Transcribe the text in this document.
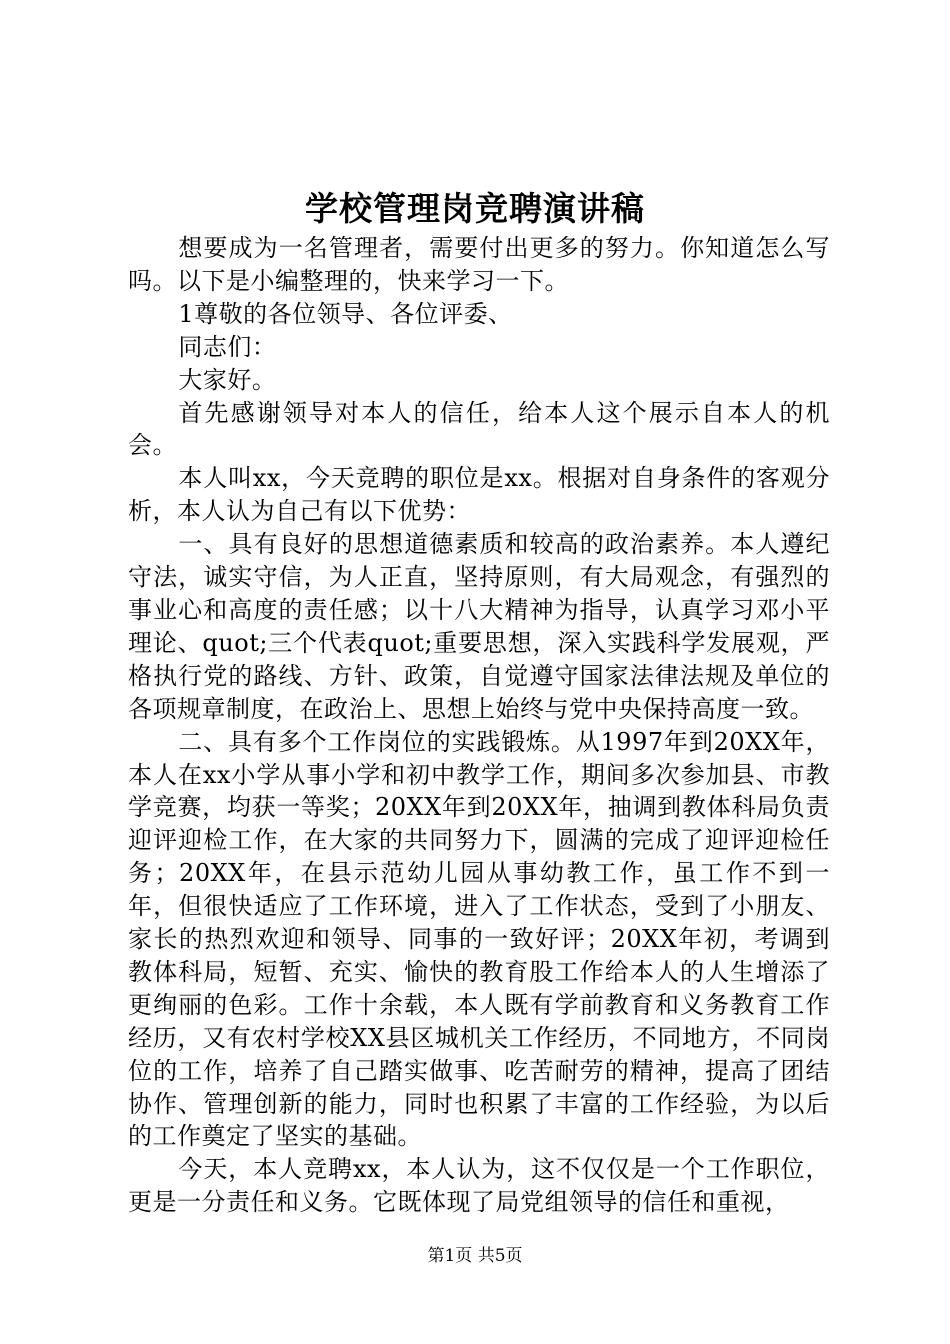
学校管理岗竞聘演讲稿

想要成为一名管理者，需要付出更多的努力。你知道怎么写吗。以下是小编整理的，快来学习一下。

1尊敬的各位领导、各位评委、

同志们：

大家好。

首先感谢领导对本人的信任，给本人这个展示自本人的机会。

本人叫xx，今天竞聘的职位是xx。根据对自身条件的客观分析，本人认为自己有以下优势：

一、具有良好的思想道德素质和较高的政治素养。本人遵纪守法，诚实守信，为人正直，坚持原则，有大局观念，有强烈的事业心和高度的责任感；以十八大精神为指导，认真学习邓小平理论、quot;三个代表quot;重要思想，深入实践科学发展观，严格执行党的路线、方针、政策，自觉遵守国家法律法规及单位的各项规章制度，在政治上、思想上始终与党中央保持高度一致。

二、具有多个工作岗位的实践锻炼。从1997年到20XX年，本人在xx小学从事小学和初中教学工作，期间多次参加县、市教学竞赛，均获一等奖；20XX年到20XX年，抽调到教体科局负责迎评迎检工作，在大家的共同努力下，圆满的完成了迎评迎检任务；20XX年，在县示范幼儿园从事幼教工作，虽工作不到一年，但很快适应了工作环境，进入了工作状态，受到了小朋友、家长的热烈欢迎和领导、同事的一致好评；20XX年初，考调到教体科局，短暂、充实、愉快的教育股工作给本人的人生增添了更绚丽的色彩。工作十余载，本人既有学前教育和义务教育工作经历，又有农村学校XX县区城机关工作经历，不同地方，不同岗位的工作，培养了自己踏实做事、吃苦耐劳的精神，提高了团结协作、管理创新的能力，同时也积累了丰富的工作经验，为以后的工作奠定了坚实的基础。

今天，本人竞聘xx，本人认为，这不仅仅是一个工作职位，更是一分责任和义务。它既体现了局党组领导的信任和重视，

第1页 共5页
